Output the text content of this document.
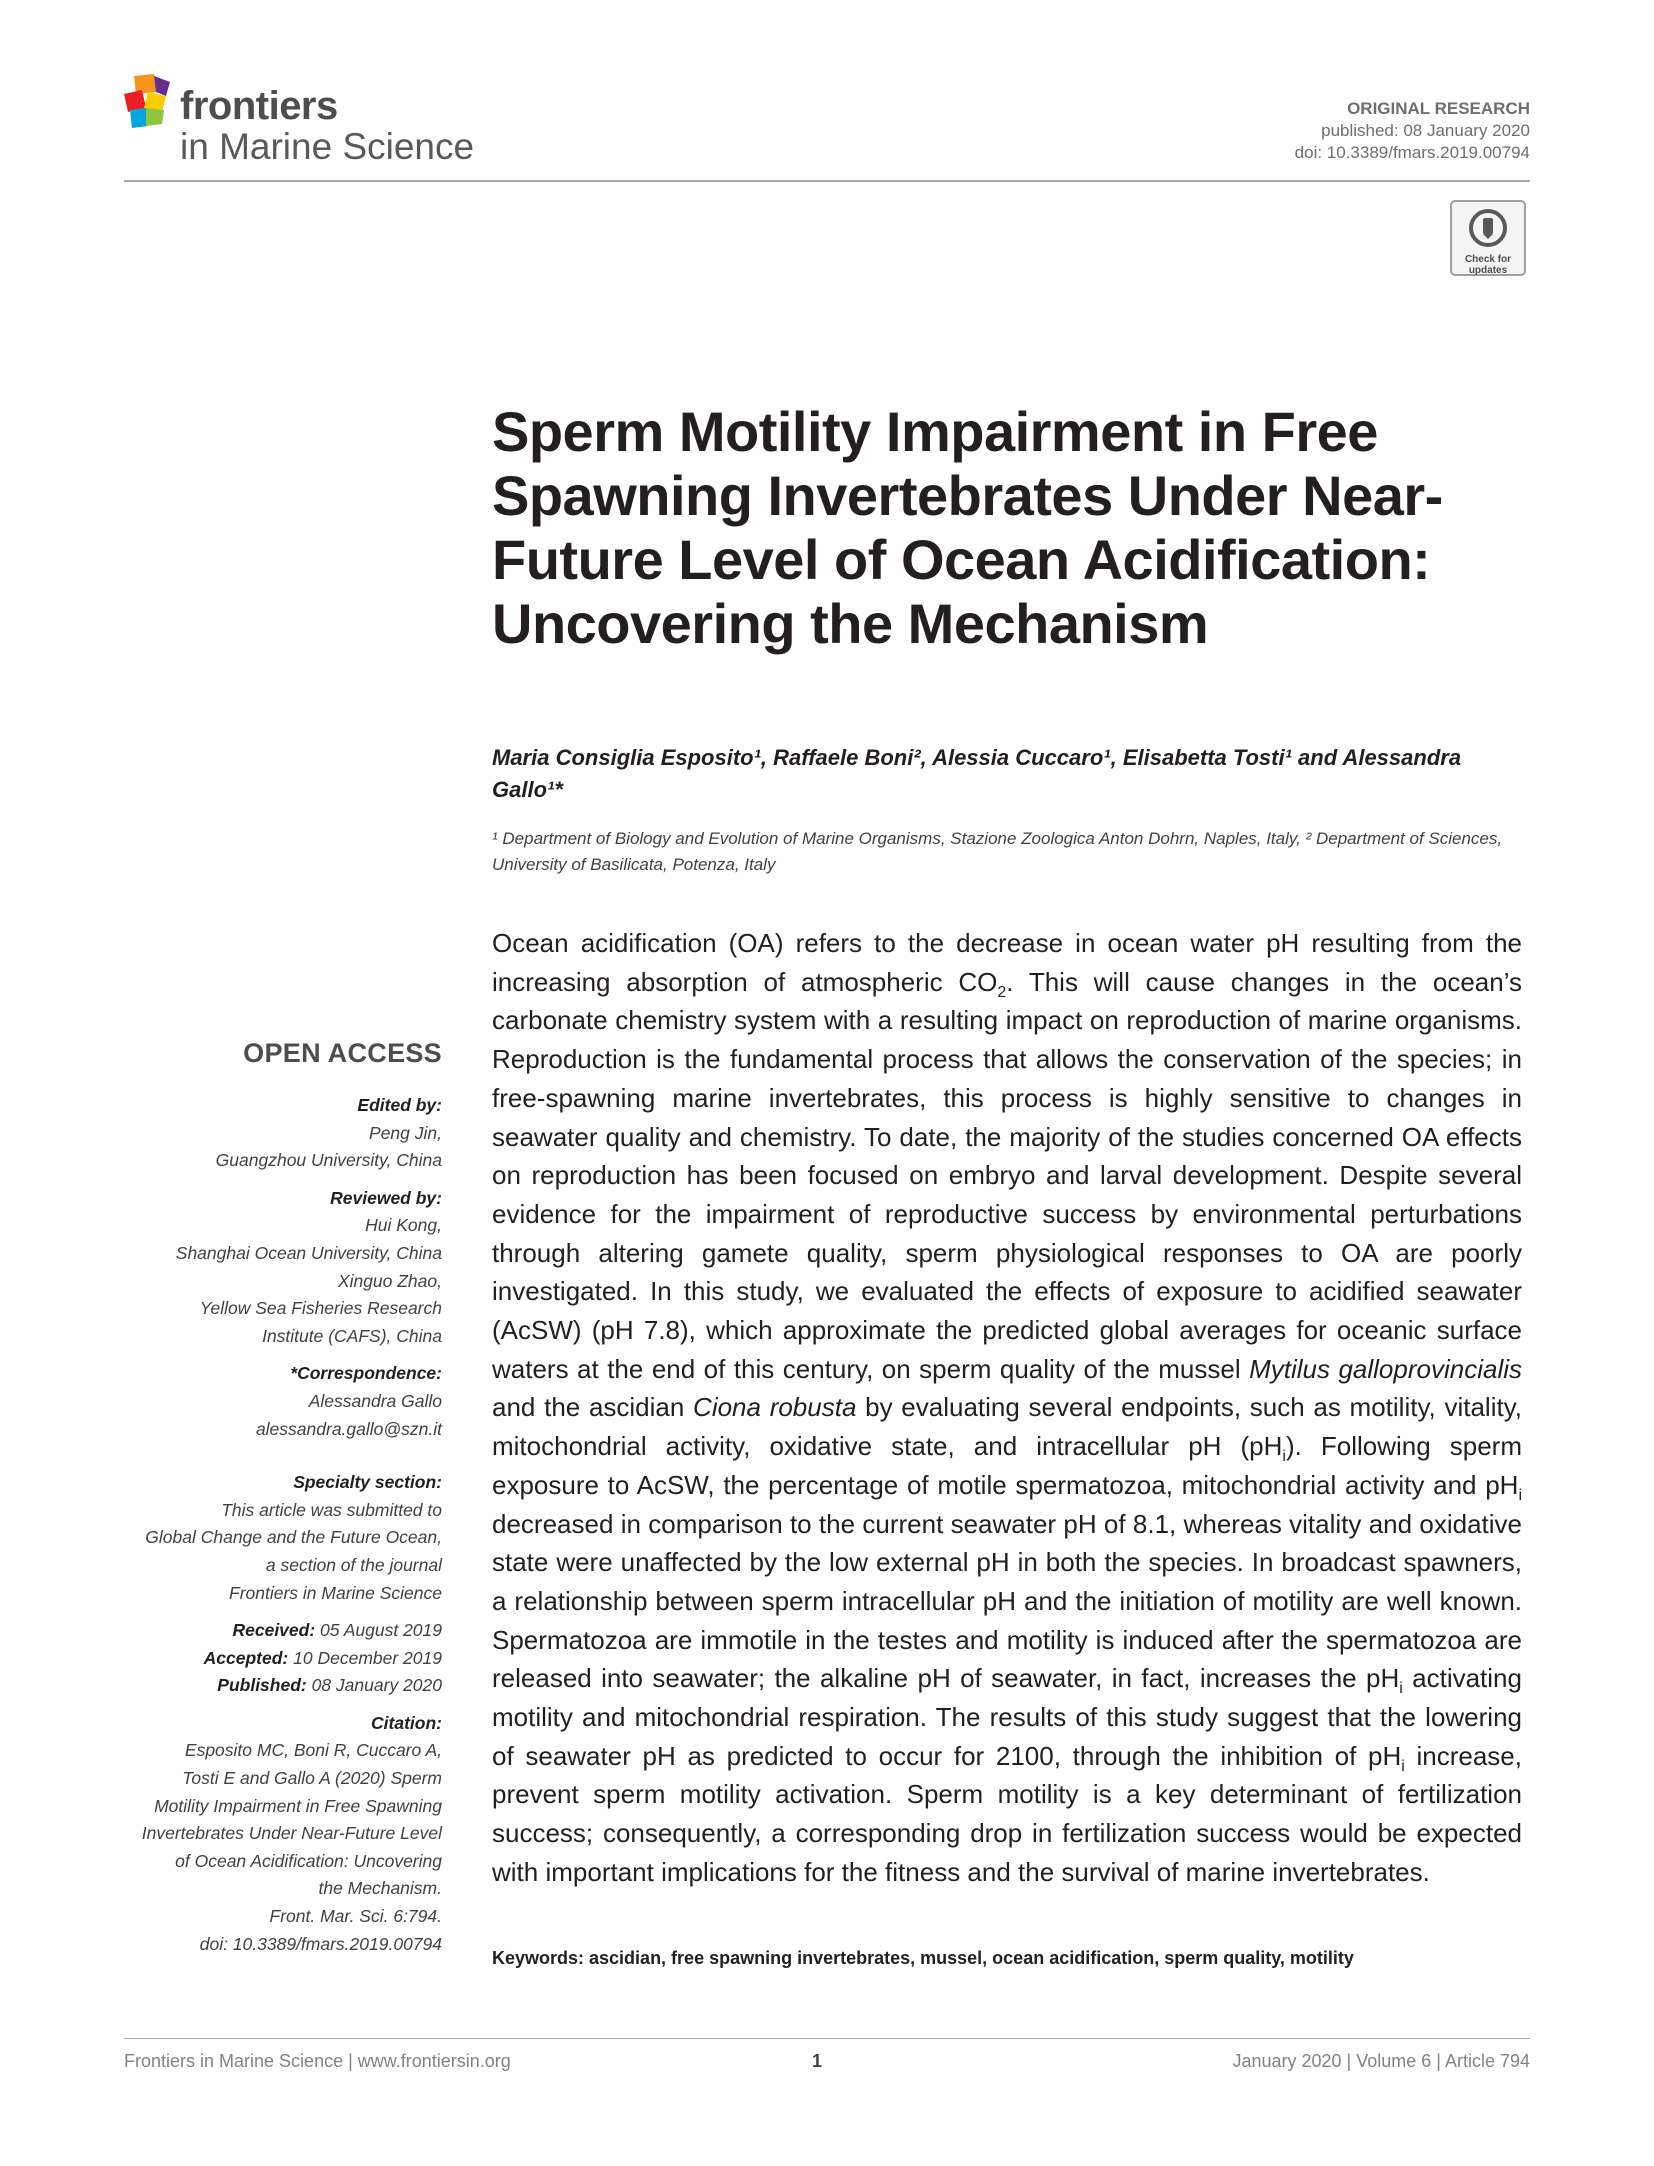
frontiers
in Marine Science
ORIGINAL RESEARCH
published: 08 January 2020
doi: 10.3389/fmars.2019.00794
Check for
updates
Sperm Motility Impairment in Free Spawning Invertebrates Under Near-Future Level of Ocean Acidification: Uncovering the Mechanism
Maria Consiglia Esposito¹, Raffaele Boni², Alessia Cuccaro¹, Elisabetta Tosti¹ and Alessandra Gallo¹*
¹ Department of Biology and Evolution of Marine Organisms, Stazione Zoologica Anton Dohrn, Naples, Italy, ² Department of Sciences, University of Basilicata, Potenza, Italy
Ocean acidification (OA) refers to the decrease in ocean water pH resulting from the increasing absorption of atmospheric $CO_2$. This will cause changes in the ocean’s carbonate chemistry system with a resulting impact on reproduction of marine organisms. Reproduction is the fundamental process that allows the conservation of the species; in free-spawning marine invertebrates, this process is highly sensitive to changes in seawater quality and chemistry. To date, the majority of the studies concerned OA effects on reproduction has been focused on embryo and larval development. Despite several evidence for the impairment of reproductive success by environmental perturbations through altering gamete quality, sperm physiological responses to OA are poorly investigated. In this study, we evaluated the effects of exposure to acidified seawater (AcSW) (pH 7.8), which approximate the predicted global averages for oceanic surface waters at the end of this century, on sperm quality of the mussel Mytilus galloprovincialis and the ascidian Ciona robusta by evaluating several endpoints, such as motility, vitality, mitochondrial activity, oxidative state, and intracellular pH $(pH_i)$. Following sperm exposure to AcSW, the percentage of motile spermatozoa, mitochondrial activity and $pH_i$ decreased in comparison to the current seawater pH of 8.1, whereas vitality and oxidative state were unaffected by the low external pH in both the species. In broadcast spawners, a relationship between sperm intracellular pH and the initiation of motility are well known. Spermatozoa are immotile in the testes and motility is induced after the spermatozoa are released into seawater; the alkaline pH of seawater, in fact, increases the $pH_i$ activating motility and mitochondrial respiration. The results of this study suggest that the lowering of seawater pH as predicted to occur for 2100, through the inhibition of $pH_i$ increase, prevent sperm motility activation. Sperm motility is a key determinant of fertilization success; consequently, a corresponding drop in fertilization success would be expected with important implications for the fitness and the survival of marine invertebrates.
Keywords: ascidian, free spawning invertebrates, mussel, ocean acidification, sperm quality, motility
OPEN ACCESS
Edited by:
Peng Jin,
Guangzhou University, China
Reviewed by:
Hui Kong,
Shanghai Ocean University, China
Xinguo Zhao,
Yellow Sea Fisheries Research
Institute (CAFS), China
*Correspondence:
Alessandra Gallo
alessandra.gallo@szn.it
Specialty section:
This article was submitted to
Global Change and the Future Ocean,
a section of the journal
Frontiers in Marine Science
Received: 05 August 2019
Accepted: 10 December 2019
Published: 08 January 2020
Citation:
Esposito MC, Boni R, Cuccaro A,
Tosti E and Gallo A (2020) Sperm
Motility Impairment in Free Spawning
Invertebrates Under Near-Future Level
of Ocean Acidification: Uncovering
the Mechanism.
Front. Mar. Sci. 6:794.
doi: 10.3389/fmars.2019.00794
Frontiers in Marine Science | www.frontiersin.org	1	January 2020 | Volume 6 | Article 794
